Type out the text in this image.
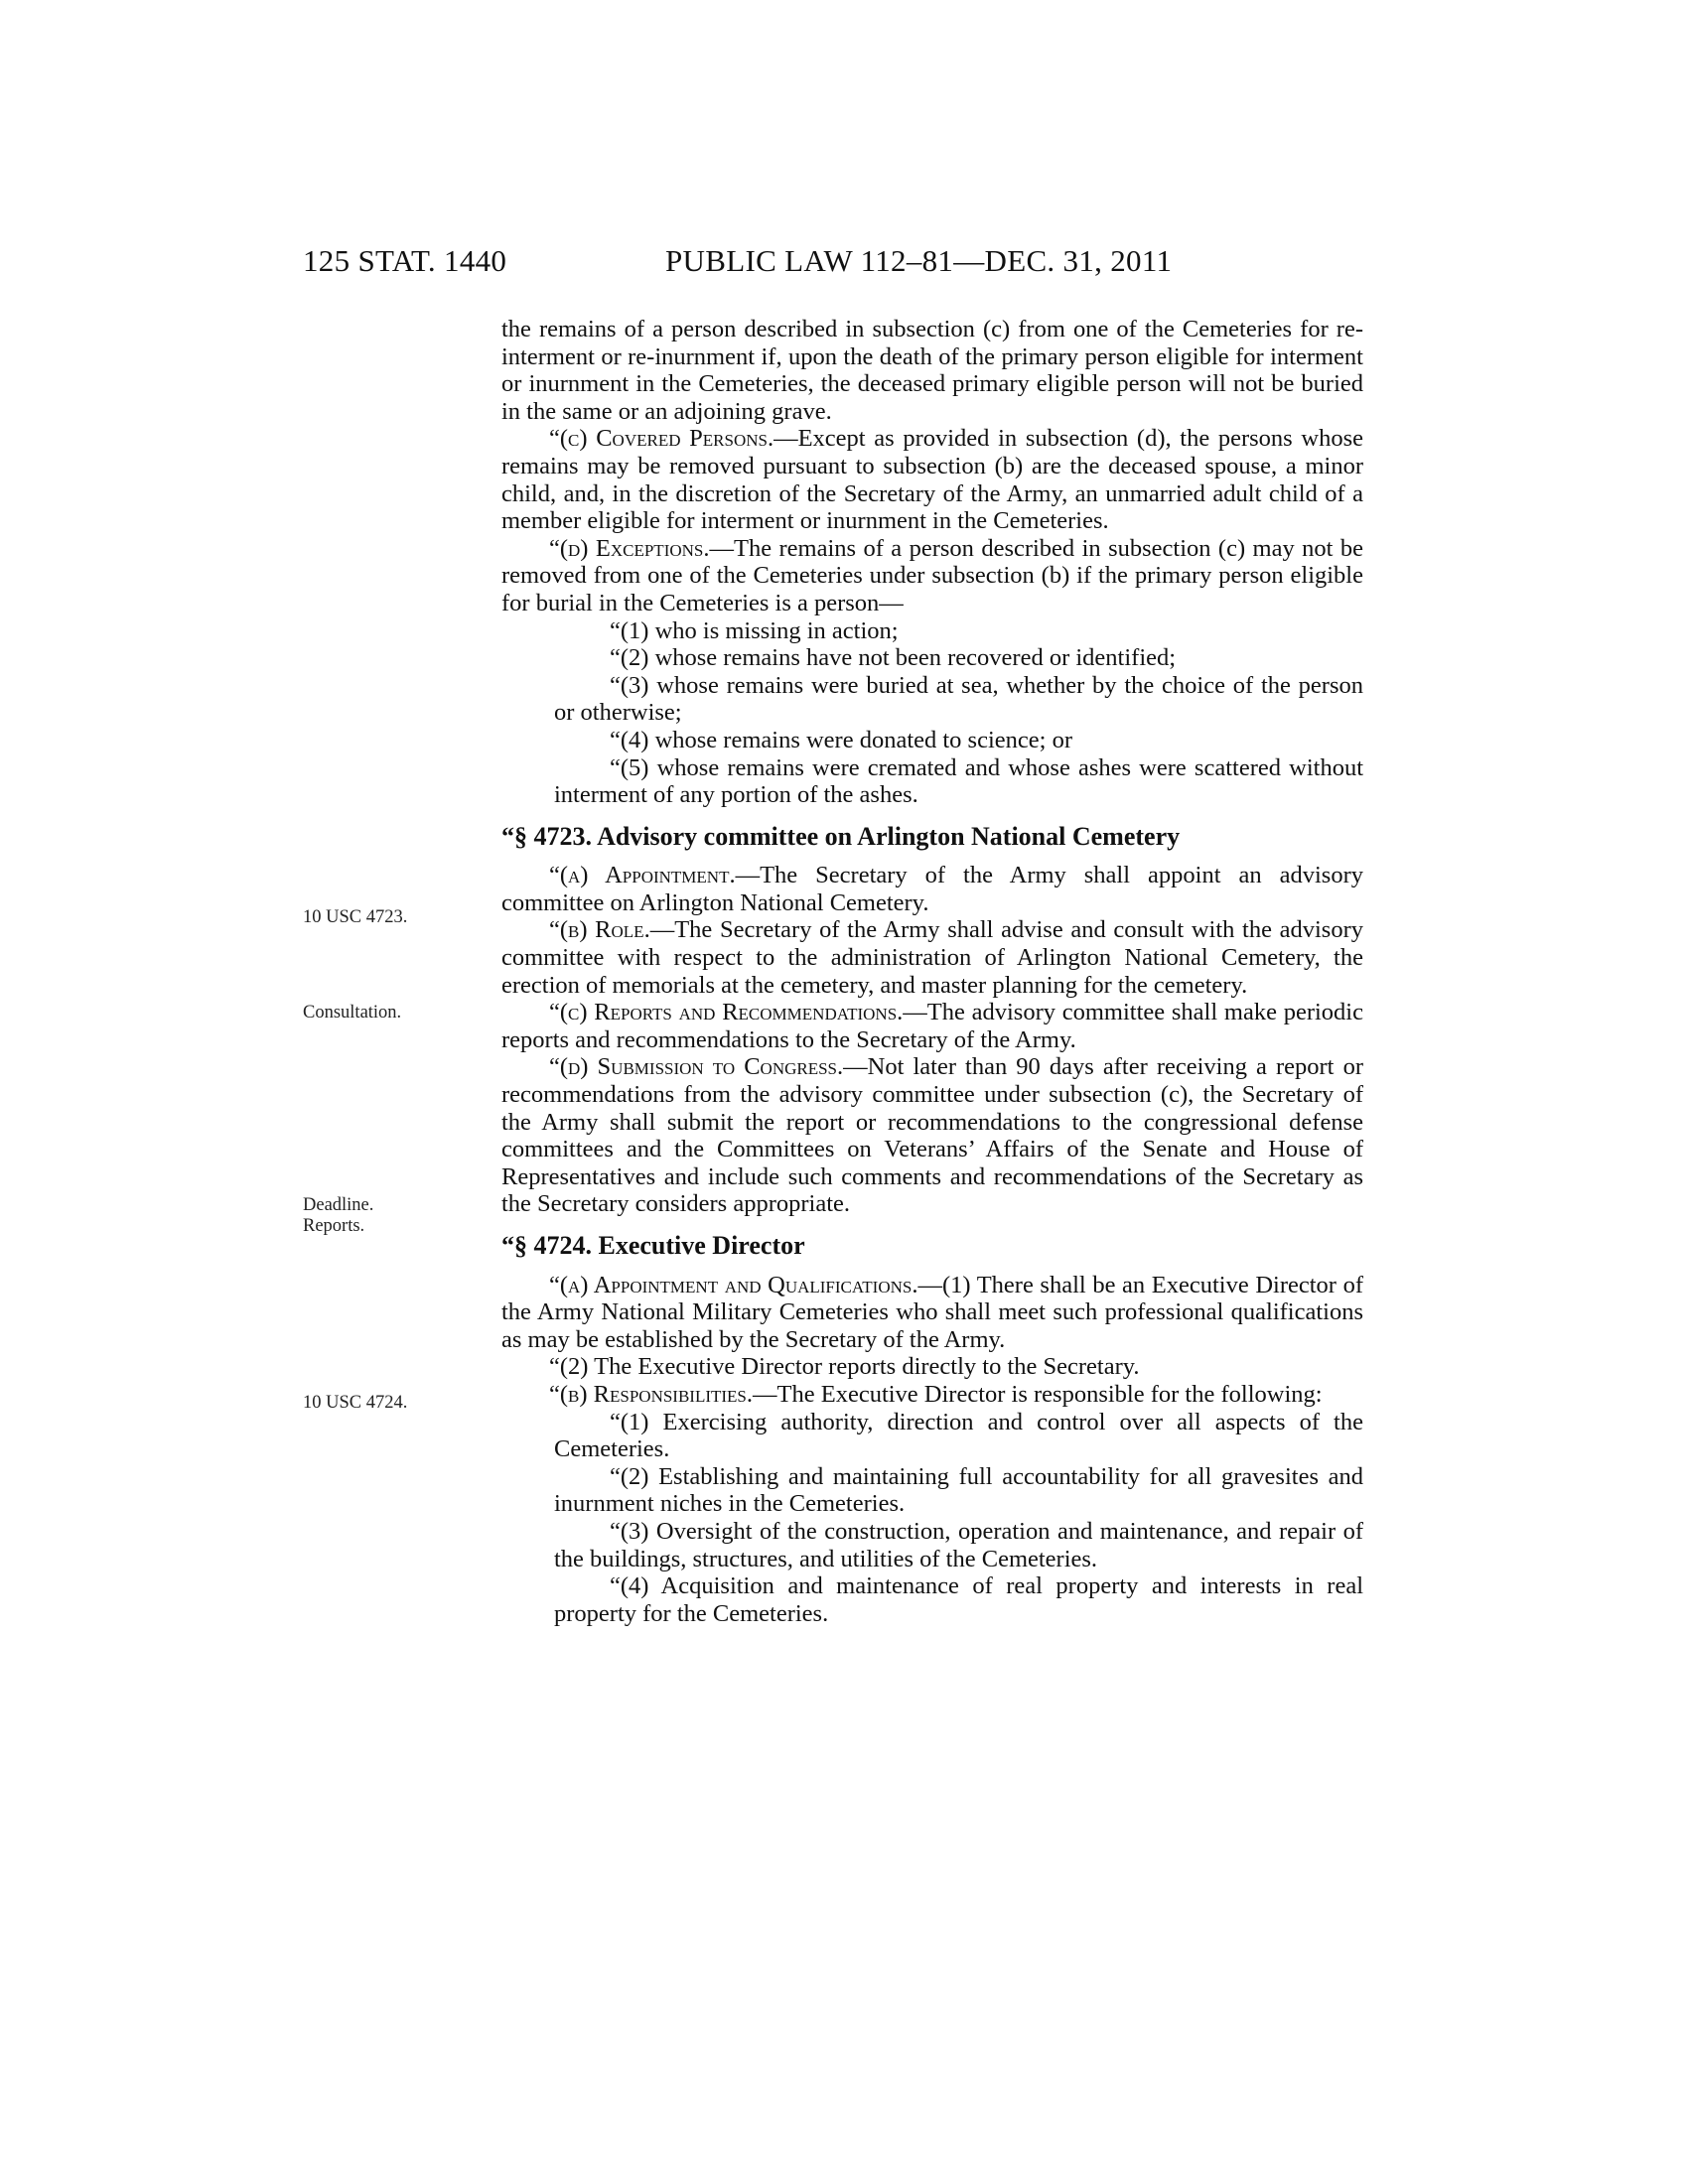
125 STAT. 1440	PUBLIC LAW 112–81—DEC. 31, 2011
10 USC 4723.
Consultation.
Deadline.
Reports.
10 USC 4724.

the remains of a person described in subsection (c) from one of the Cemeteries for re-interment or re-inurnment if, upon the death of the primary person eligible for interment or inurnment in the Cemeteries, the deceased primary eligible person will not be buried in the same or an adjoining grave.

“(c) Covered Persons.—Except as provided in subsection (d), the persons whose remains may be removed pursuant to subsection (b) are the deceased spouse, a minor child, and, in the discretion of the Secretary of the Army, an unmarried adult child of a member eligible for interment or inurnment in the Cemeteries.

“(d) Exceptions.—The remains of a person described in subsection (c) may not be removed from one of the Cemeteries under subsection (b) if the primary person eligible for burial in the Cemeteries is a person—

“(1) who is missing in action;

“(2) whose remains have not been recovered or identified;

“(3) whose remains were buried at sea, whether by the choice of the person or otherwise;

“(4) whose remains were donated to science; or

“(5) whose remains were cremated and whose ashes were scattered without interment of any portion of the ashes.

“§ 4723. Advisory committee on Arlington National Cemetery

“(a) Appointment.—The Secretary of the Army shall appoint an advisory committee on Arlington National Cemetery.

“(b) Role.—The Secretary of the Army shall advise and consult with the advisory committee with respect to the administration of Arlington National Cemetery, the erection of memorials at the cemetery, and master planning for the cemetery.

“(c) Reports and Recommendations.—The advisory committee shall make periodic reports and recommendations to the Secretary of the Army.

“(d) Submission to Congress.—Not later than 90 days after receiving a report or recommendations from the advisory committee under subsection (c), the Secretary of the Army shall submit the report or recommendations to the congressional defense committees and the Committees on Veterans’ Affairs of the Senate and House of Representatives and include such comments and recommendations of the Secretary as the Secretary considers appropriate.

“§ 4724. Executive Director

“(a) Appointment and Qualifications.—(1) There shall be an Executive Director of the Army National Military Cemeteries who shall meet such professional qualifications as may be established by the Secretary of the Army.

“(2) The Executive Director reports directly to the Secretary.

“(b) Responsibilities.—The Executive Director is responsible for the following:

“(1) Exercising authority, direction and control over all aspects of the Cemeteries.

“(2) Establishing and maintaining full accountability for all gravesites and inurnment niches in the Cemeteries.

“(3) Oversight of the construction, operation and maintenance, and repair of the buildings, structures, and utilities of the Cemeteries.

“(4) Acquisition and maintenance of real property and interests in real property for the Cemeteries.
